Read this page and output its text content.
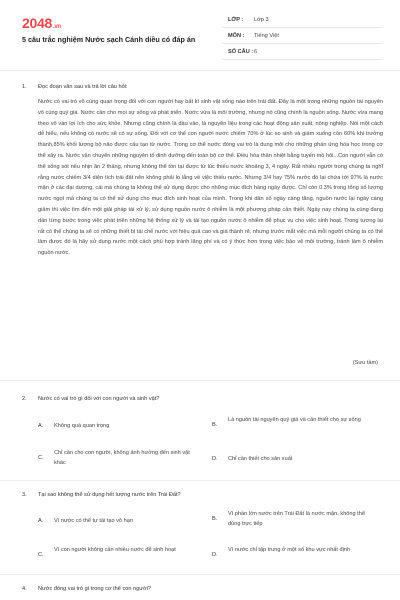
2048.vn
5 câu trắc nghiệm Nước sạch Cánh diều có đáp án
LỚP : Lớp 3
MÔN : Tiếng Việt
SỐ CÂU : 6
1. Đọc đoạn văn sau và trả lời câu hỏi:
Nước có vai trò vô cùng quan trọng đối với con người hay bất kì sinh vật sống nào trên trái đất. Đây là một trong những nguồn tài nguyên vô cùng quý giá. Nước cần cho mọi sự sống và phát triển. Nước vừa là môi trường, nhưng nó cũng chính là nguồn sống. Nước vừa mang theo vô vàn lợi ích cho sức khỏe. Nhưng cũng chính là đầu vào, là nguyên liệu trong các hoạt động sản xuất, nông nghiệp. Nói một cách dễ hiểu, nếu không có nước sẽ có sự sống. Đối với cơ thể con người nước chiếm 70% ở lúc so sinh và giảm xuống còn 60% khi trưởng thành,85% khối lượng bộ não được cấu tạo từ nước. Trong cơ thể nước đóng vai trò là dung môi cho những phản ứng hóa học trong cơ thể xảy ra. Nước vận chuyển những nguyên tố dinh dưỡng đến toàn bộ cơ thể. Điều hòa thân nhiệt bằng tuyến mồ hôi...Con người vẫn có thể sống sót nếu nhịn ăn 2 tháng, nhưng không thể tồn tại được từ lúc thiếu nước khoảng 3, 4 ngày. Rất nhiều người trong chúng ta nghĩ rằng nước chiếm 3/4 diện tích trái đất nên không phải lo lắng về việc thiếu nước. Nhưng 3/4 hay 75% nước đó lại chứa tới 97% là nước mặn ở các đại dương, cái mà chúng ta không thể sử dụng được cho những mục đích hàng ngày được. Chỉ còn 0.3% trong tổng số lượng nước ngọt mà chúng ta có thể sử dụng cho mục đích sinh hoạt của mình. Trong khi dân số ngày càng tăng, nguồn nước lại ngày càng giảm thì việc tìm đến một giải pháp tái xử lý, sử dụng nguồn nước ô nhiễm là một phương pháp cần thiết. Ngày nay chúng ta cùng đang dần từng bước trong việc phát triển những hệ thống xử lý và tái tạo nguồn nước ô nhiễm để phục vụ cho việc sinh hoạt. Trong tương lai rất có thể chúng ta sẽ có những thiết bị tái chế nước với hiệu quả cao và giá thành rẻ, nhưng trước mắt việc mà mỗi người chúng ta có thể làm được đó là hãy sử dụng nước một cách phù hợp tránh lãng phí và có ý thức hơn trong việc bảo vệ môi trường, tránh làm ô nhiễm nguồn nước.
(Sưu tầm)
2. Nước có vai trò gì đối với con người và sinh vật?
A. Không quá quan trọng	B.
Là nguồn tài nguyên quý giá và cần thiết cho sự sống
C.
Chỉ cần cho con người, không ảnh hưởng đến sinh vật khác
D. Chỉ cần thiết cho sản xuất
3. Tại sao không thể sử dụng hết lượng nước trên Trái Đất?
A. Vì nước có thể tự tái tạo vô hạn	B.
Vì phần lớn nước trên Trái Đất là nước mặn, không thể dùng trực tiếp
C.
Vì con người không cần nhiều nước để sinh hoạt
D.
Vì nước chỉ tập trung ở một số khu vực nhất định
4. Nước đóng vai trò gì trong cơ thể con người?
